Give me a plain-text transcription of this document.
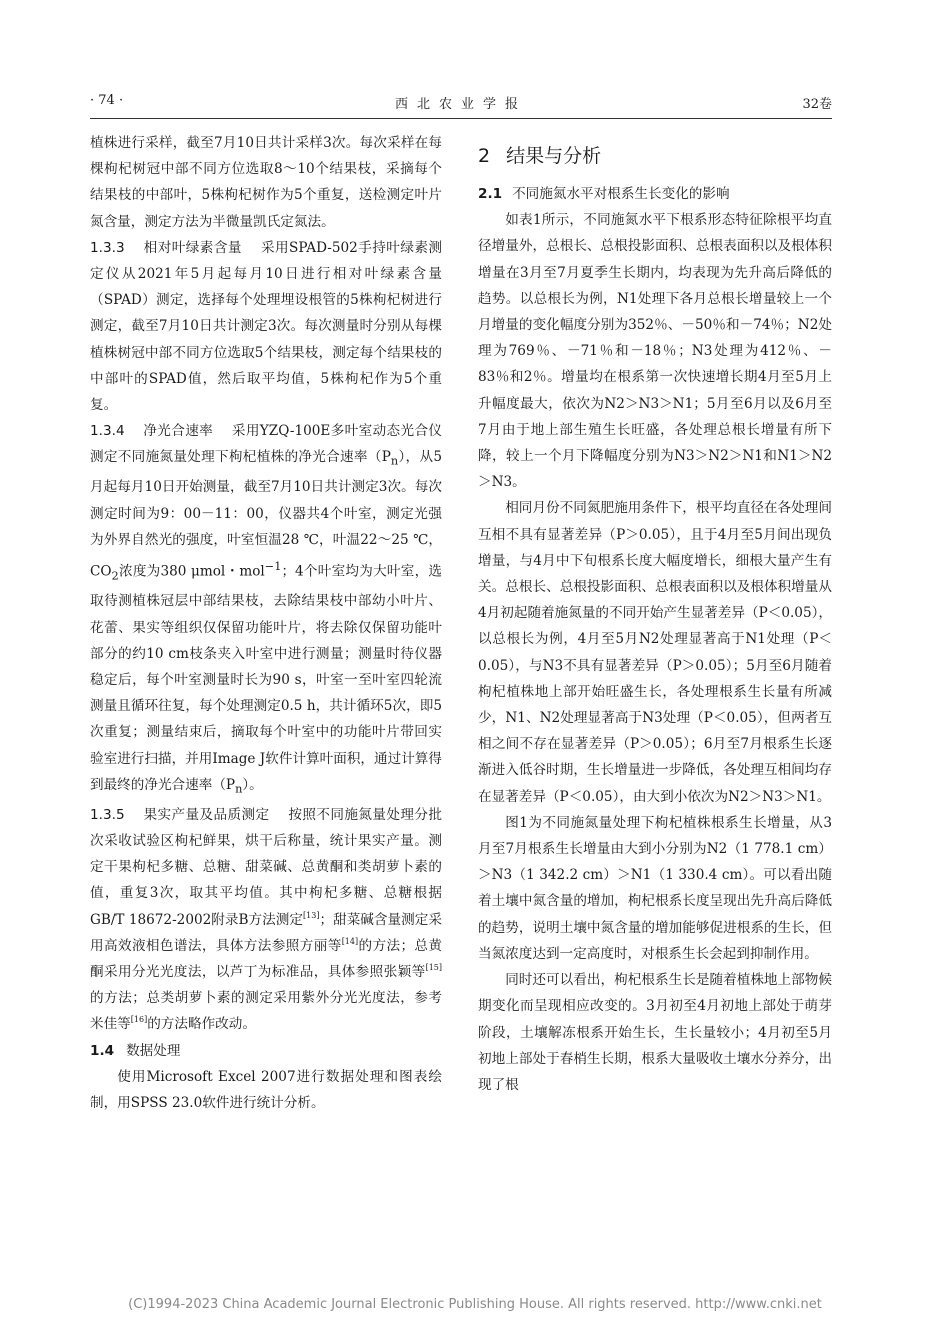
· 74 ·	西北农业学报	32卷

植株进行采样，截至7月10日共计采样3次。每次采样在每棵枸杞树冠中部不同方位选取8～10个结果枝，采摘每个结果枝的中部叶，5株枸杞树作为5个重复，送检测定叶片氮含量，测定方法为半微量凯氏定氮法。

1.3.3 相对叶绿素含量 采用SPAD-502手持叶绿素测定仪从2021年5月起每月10日进行相对叶绿素含量（SPAD）测定，选择每个处理埋设根管的5株枸杞树进行测定，截至7月10日共计测定3次。每次测量时分别从每棵植株树冠中部不同方位选取5个结果枝，测定每个结果枝的中部叶的SPAD值，然后取平均值，5株枸杞作为5个重复。

1.3.4 净光合速率 采用YZQ-100E多叶室动态光合仪测定不同施氮量处理下枸杞植株的净光合速率$(P_n)$，从5月起每月10日开始测量，截至7月10日共计测定3次。每次测定时间为9：00－11：00，仪器共4个叶室，测定光强为外界自然光的强度，叶室恒温28 ℃，叶温22～25 ℃，$CO_2$浓度为380 μmol・mol$^{-1}$；4个叶室均为大叶室，选取待测植株冠层中部结果枝，去除结果枝中部幼小叶片、花蕾、果实等组织仅保留功能叶片，将去除仅保留功能叶部分的约10 cm枝条夹入叶室中进行测量；测量时待仪器稳定后，每个叶室测量时长为90 s，叶室一至叶室四轮流测量且循环往复，每个处理测定0.5 h，共计循环5次，即5次重复；测量结束后，摘取每个叶室中的功能叶片带回实验室进行扫描，并用Image J软件计算叶面积，通过计算得到最终的净光合速率$(P_n)$。

1.3.5 果实产量及品质测定 按照不同施氮量处理分批次采收试验区枸杞鲜果，烘干后称量，统计果实产量。测定干果枸杞多糖、总糖、甜菜碱、总黄酮和类胡萝卜素的值，重复3次，取其平均值。其中枸杞多糖、总糖根据GB/T 18672-2002附录B方法测定[13]；甜菜碱含量测定采用高效液相色谱法，具体方法参照方丽等[14]的方法；总黄酮采用分光光度法，以芦丁为标准品，具体参照张颖等[15]的方法；总类胡萝卜素的测定采用紫外分光光度法，参考米佳等[16]的方法略作改动。

1.4 数据处理

使用Microsoft Excel 2007进行数据处理和图表绘制，用SPSS 23.0软件进行统计分析。

2 结果与分析

2.1 不同施氮水平对根系生长变化的影响

如表1所示，不同施氮水平下根系形态特征除根平均直径增量外，总根长、总根投影面积、总根表面积以及根体积增量在3月至7月夏季生长期内，均表现为先升高后降低的趋势。以总根长为例，N1处理下各月总根长增量较上一个月增量的变化幅度分别为352％、－50％和－74％；N2处理为769％、－71％和－18％；N3处理为412％、－83％和2％。增量均在根系第一次快速增长期4月至5月上升幅度最大，依次为N2＞N3＞N1；5月至6月以及6月至7月由于地上部生殖生长旺盛，各处理总根长增量有所下降，较上一个月下降幅度分别为N3＞N2＞N1和N1＞N2＞N3。

相同月份不同氮肥施用条件下，根平均直径在各处理间互相不具有显著差异（P＞0.05），且于4月至5月间出现负增量，与4月中下旬根系长度大幅度增长，细根大量产生有关。总根长、总根投影面积、总根表面积以及根体积增量从4月初起随着施氮量的不同开始产生显著差异（P＜0.05），以总根长为例，4月至5月N2处理显著高于N1处理（P＜0.05），与N3不具有显著差异（P＞0.05）；5月至6月随着枸杞植株地上部开始旺盛生长，各处理根系生长量有所减少，N1、N2处理显著高于N3处理（P＜0.05），但两者互相之间不存在显著差异（P＞0.05）；6月至7月根系生长逐渐进入低谷时期，生长增量进一步降低，各处理互相间均存在显著差异（P＜0.05），由大到小依次为N2＞N3＞N1。

图1为不同施氮量处理下枸杞植株根系生长增量，从3月至7月根系生长增量由大到小分别为N2（1 778.1 cm）＞N3（1 342.2 cm）＞N1（1 330.4 cm）。可以看出随着土壤中氮含量的增加，枸杞根系长度呈现出先升高后降低的趋势，说明土壤中氮含量的增加能够促进根系的生长，但当氮浓度达到一定高度时，对根系生长会起到抑制作用。

同时还可以看出，枸杞根系生长是随着植株地上部物候期变化而呈现相应改变的。3月初至4月初地上部处于萌芽阶段，土壤解冻根系开始生长，生长量较小；4月初至5月初地上部处于春梢生长期，根系大量吸收土壤水分养分，出现了根

(C)1994-2023 China Academic Journal Electronic Publishing House. All rights reserved. http://www.cnki.net
